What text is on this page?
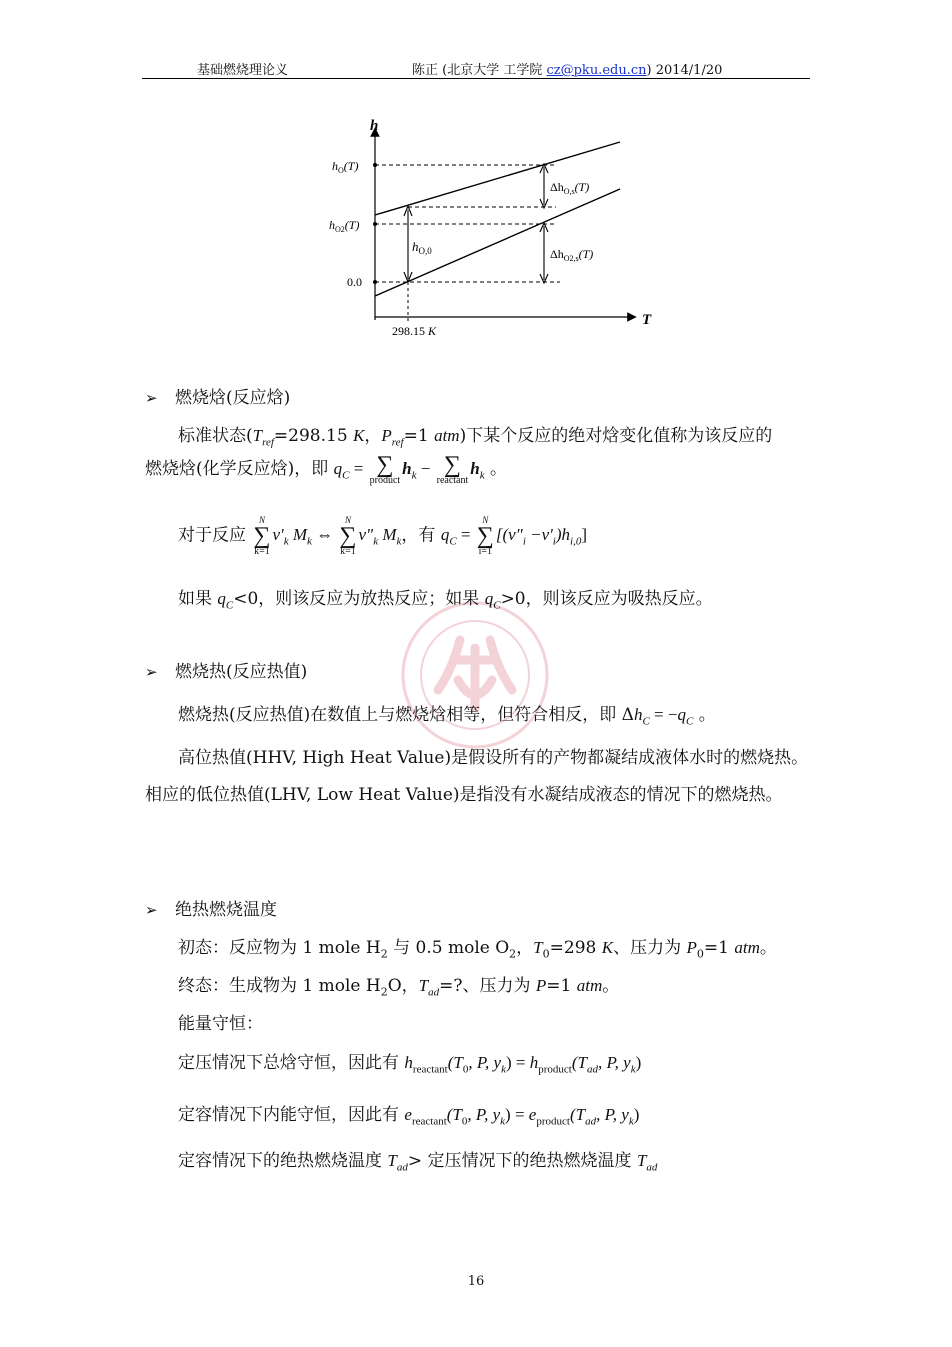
基础燃烧理论义	陈正 (北京大学 工学院 cz@pku.edu.cn) 2014/1/20
h
T
$h_O(T)$
$h_{O2}(T)$
0.0
298.15 K
$h_{O,0}$
$\Delta h_{O,s}(T)$
$\Delta h_{O2,s}(T)$
➢ 燃烧焓(反应焓)
标准状态($T_{ref}=298.15$ K，$P_{ref}=1$ atm)下某个反应的绝对焓变化值称为该反应的
燃烧焓(化学反应焓)，即 $q_C$ = ∑
product
$h_k$ − ∑
reactant
$h_k$ 。
对于反应
N
∑
k=1
$\nu'_k$ $M_k$ ⇔
N
∑
k=1
$\nu"_k$ $M_k$，有 $q_C$ =
N
∑
i=1
$[(\nu"_i -\nu'_i)h_{i,0}]$
如果 $q_C<0$，则该反应为放热反应；如果 $q_C>0$，则该反应为吸热反应。
➢ 燃烧热(反应热值)
燃烧热(反应热值)在数值上与燃烧焓相等，但符合相反，即 $\Delta h_C = -q_C$ 。
高位热值(HHV, High Heat Value)是假设所有的产物都凝结成液体水时的燃烧热。相应的低位热值(LHV, Low Heat Value)是指没有水凝结成液态的情况下的燃烧热。
➢ 绝热燃烧温度
初态：反应物为 1 mole $H_2$ 与 0.5 mole $O_2$，$T_0=298$ K、压力为 $P_0=1$ atm。
终态：生成物为 1 mole $H_2O$，$T_{ad}=$?、压力为 P=1 atm。
能量守恒：
定压情况下总焓守恒，因此有 $h_{reactant}(T_0$, P, $y_k) = h_{product}(T_{ad}$, P, $y_k$)
定容情况下内能守恒，因此有 $e_{reactant}(T_0$, P, $y_k) = e_{product}(T_{ad}$, P, $y_k$)
定容情况下的绝热燃烧温度 $T_{ad}>$ 定压情况下的绝热燃烧温度 $T_{ad}$
16
